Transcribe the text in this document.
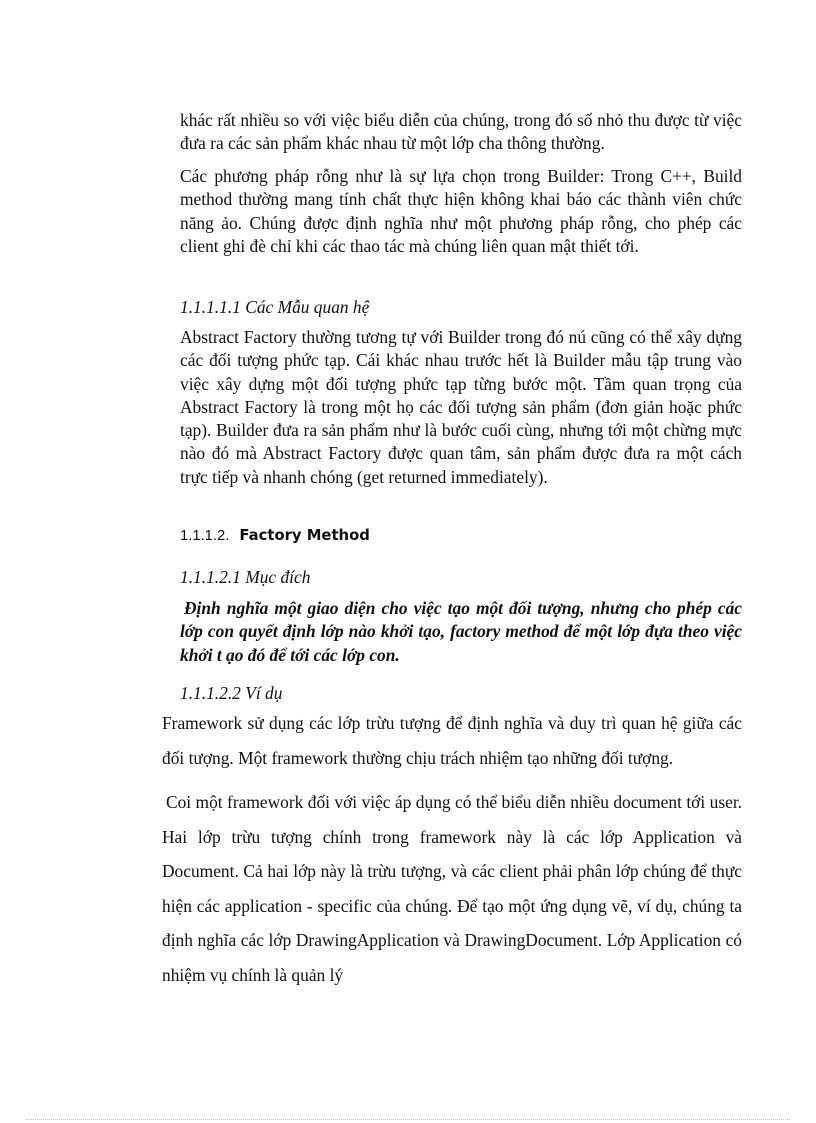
khác rất nhiều so với việc biểu diễn của chúng, trong đó số nhỏ thu được từ việc đưa ra các sản phẩm khác nhau từ một lớp cha thông thường.

Các phương pháp rỗng như là sự lựa chọn trong Builder: Trong C++, Build method thường mang tính chất thực hiện không khai báo các thành viên chức năng ảo. Chúng được định nghĩa như một phương pháp rỗng, cho phép các client ghi đè chỉ khi các thao tác mà chúng liên quan mật thiết tới.

1.1.1.1.1 Các Mẫu quan hệ

Abstract Factory thường tương tự với Builder trong đó nú cũng có thể xây dựng các đối tượng phức tạp. Cái khác nhau trước hết là Builder mẫu tập trung vào việc xây dựng một đối tượng phức tạp từng bước một. Tầm quan trọng của Abstract Factory là trong một họ các đối tượng sản phẩm (đơn giản hoặc phức tạp). Builder đưa ra sản phẩm như là bước cuối cùng, nhưng tới một chừng mực nào đó mà Abstract Factory được quan tâm, sản phẩm được đưa ra một cách trực tiếp và nhanh chóng (get returned immediately).

1.1.1.2. Factory Method

1.1.1.2.1 Mục đích

Định nghĩa một giao diện cho việc tạo một đối tượng, nhưng cho phép các lớp con quyết định lớp nào khởi tạo, factory method để một lớp đựa theo việc khởi t ạo đó để tới các lớp con.

1.1.1.2.2 Ví dụ

Framework sử dụng các lớp trừu tượng để định nghĩa và duy trì quan hệ giữa các đối tượng. Một framework thường chịu trách nhiệm tạo những đối tượng.

Coi một framework đối với việc áp dụng có thể biểu diễn nhiều document tới user. Hai lớp trừu tượng chính trong framework này là các lớp Application và Document. Cả hai lớp này là trừu tượng, và các client phải phân lớp chúng để thực hiện các application - specific của chúng. Để tạo một ứng dụng vẽ, ví dụ, chúng ta định nghĩa các lớp DrawingApplication và DrawingDocument. Lớp Application có nhiệm vụ chính là quản lý
